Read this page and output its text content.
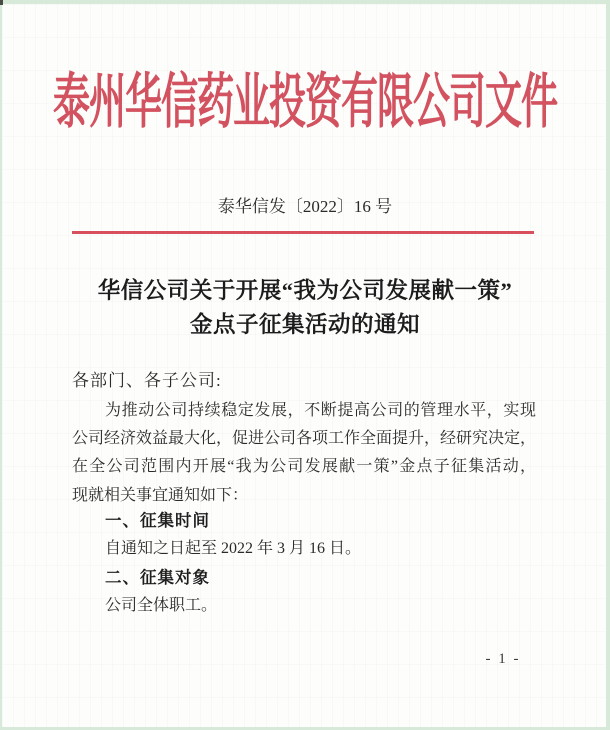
泰州华信药业投资有限公司文件
泰华信发〔2022〕16 号
华信公司关于开展“我为公司发展献一策”
金点子征集活动的通知
各部门、各子公司:
为推动公司持续稳定发展，不断提高公司的管理水平，实现
公司经济效益最大化，促进公司各项工作全面提升，经研究决定，
在全公司范围内开展“我为公司发展献一策”金点子征集活动，
现就相关事宜通知如下：
一、征集时间
自通知之日起至 2022 年 3 月 16 日。
二、征集对象
公司全体职工。
- 1 -
